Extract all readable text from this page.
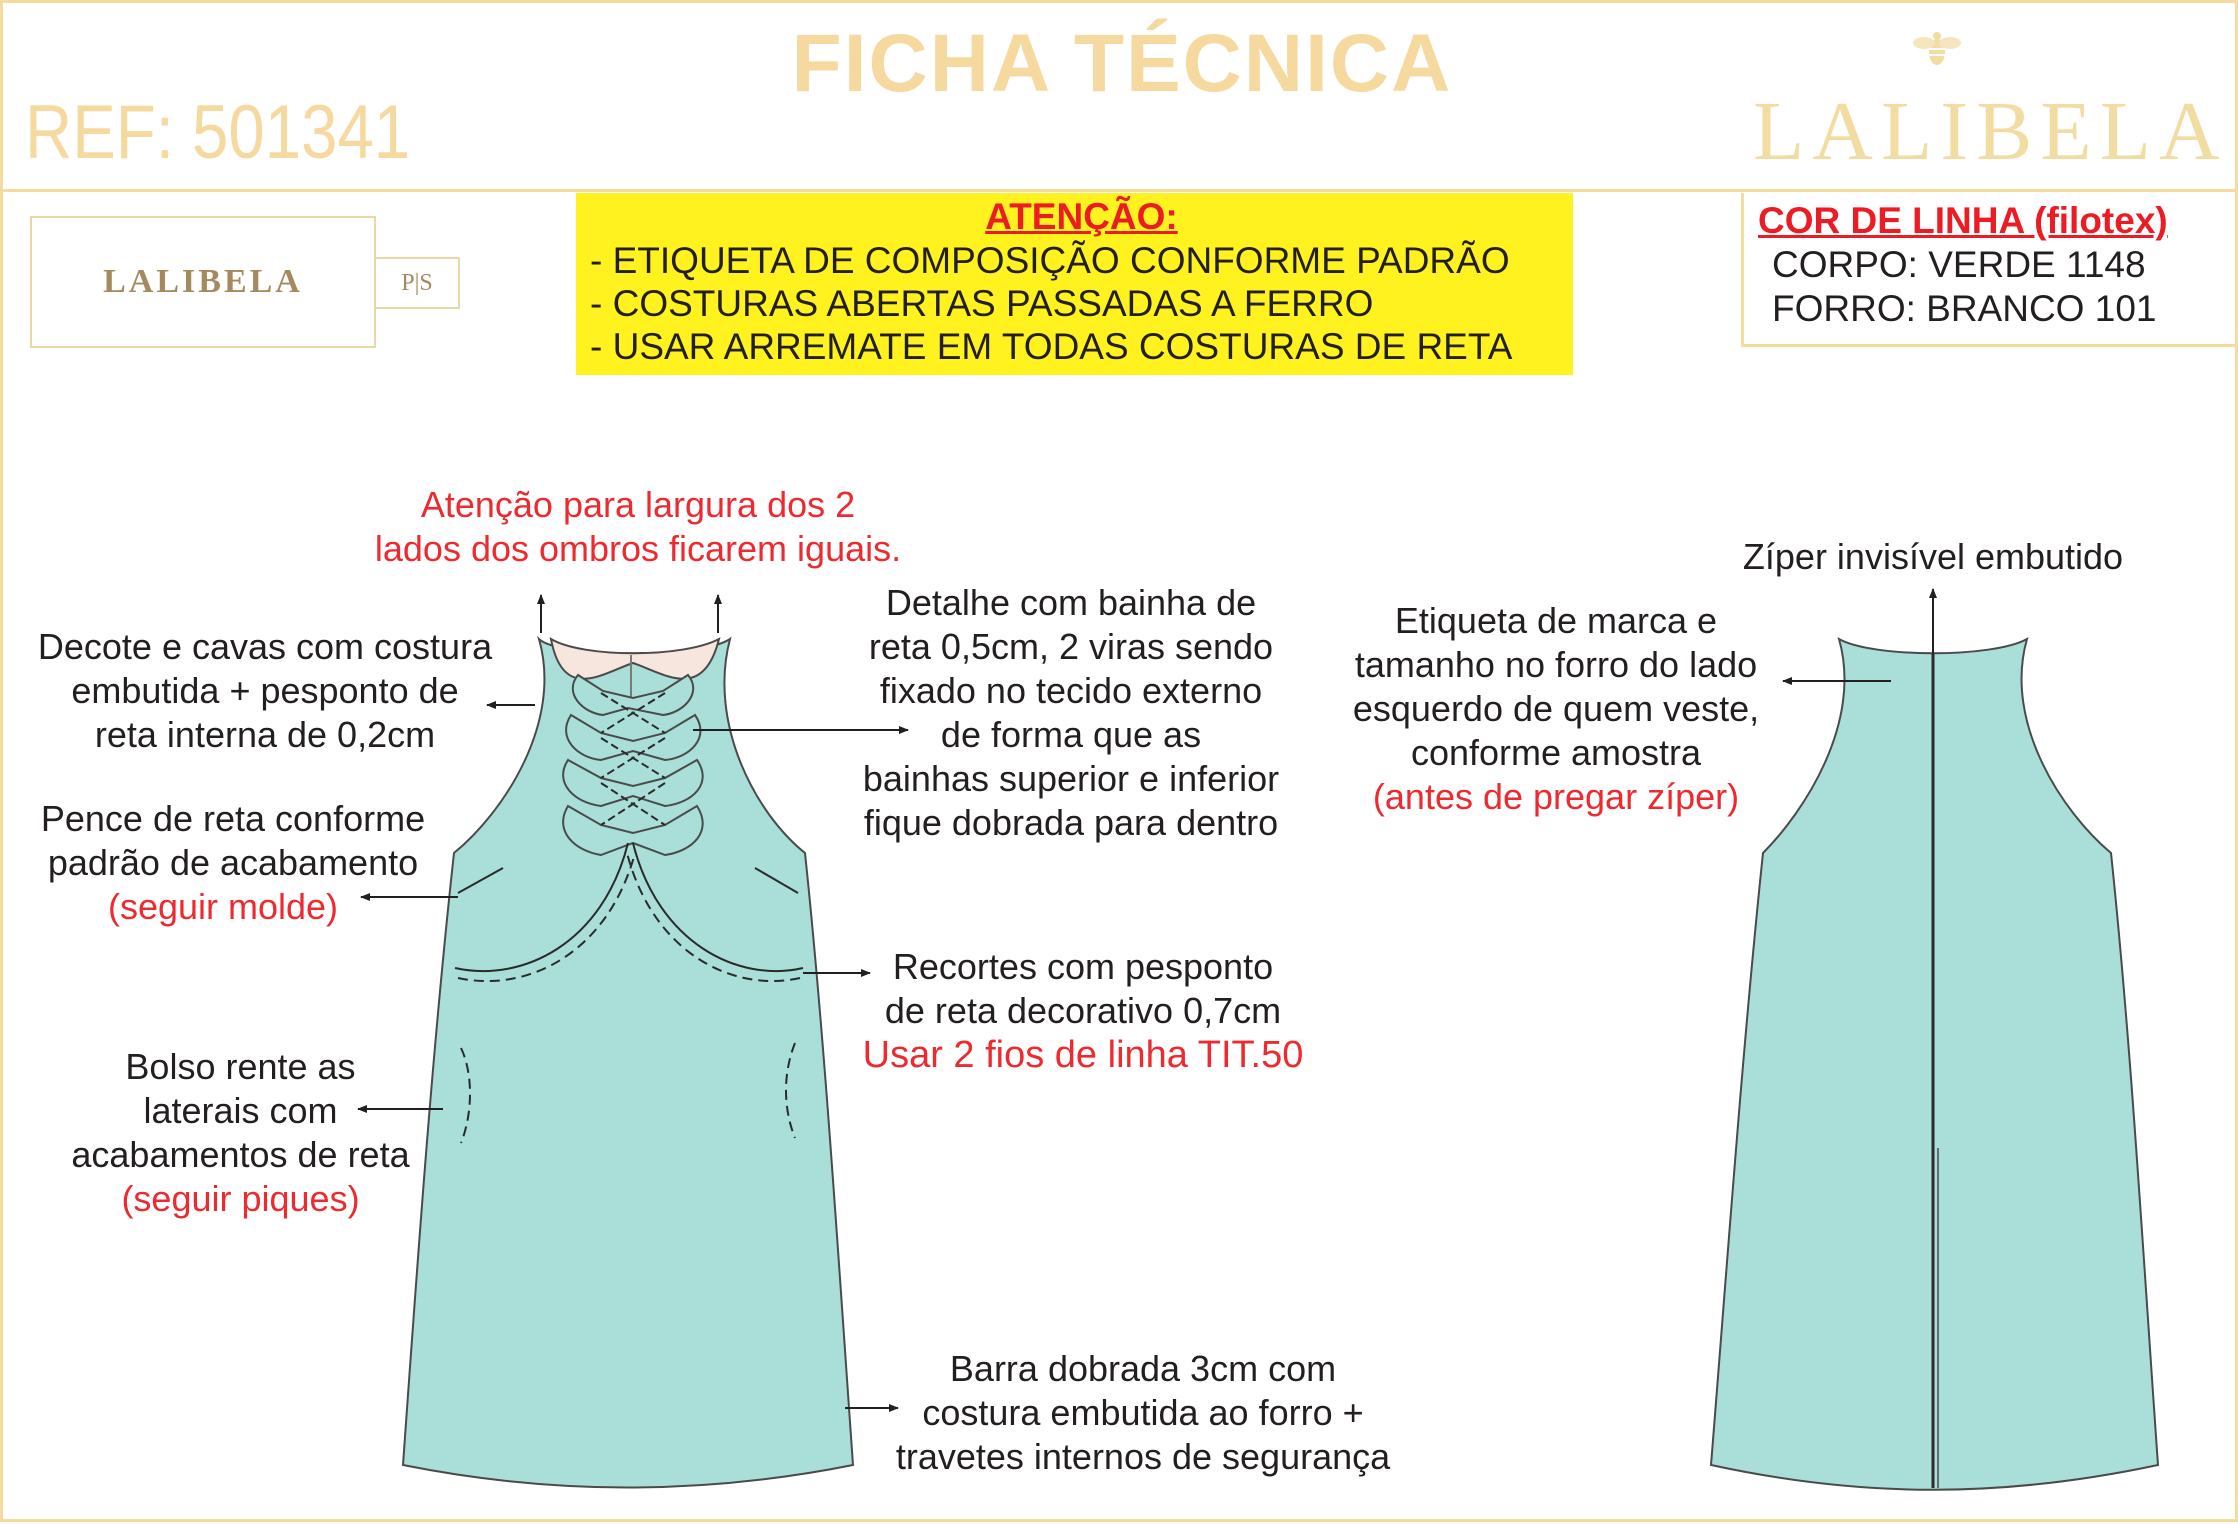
FICHA TÉCNICA
REF: 501341	LALIBELA
LALIBELA	P|S
ATENÇÃO:
- ETIQUETA DE COMPOSIÇÃO CONFORME PADRÃO
- COSTURAS ABERTAS PASSADAS A FERRO
- USAR ARREMATE EM TODAS COSTURAS DE RETA
COR DE LINHA (filotex)
CORPO: VERDE 1148
FORRO: BRANCO 101
Atenção para largura dos 2
lados dos ombros ficarem iguais.
Decote e cavas com costura
embutida + pesponto de
reta interna de 0,2cm
Pence de reta conforme
padrão de acabamento
(seguir molde)
Bolso rente as
laterais com
acabamentos de reta
(seguir piques)
Detalhe com bainha de
reta 0,5cm, 2 viras sendo
fixado no tecido externo
de forma que as
bainhas superior e inferior
fique dobrada para dentro
Recortes com pesponto
de reta decorativo 0,7cm
Usar 2 fios de linha TIT.50
Barra dobrada 3cm com
costura embutida ao forro +
travetes internos de segurança
Zíper invisível embutido
Etiqueta de marca e
tamanho no forro do lado
esquerdo de quem veste,
conforme amostra
(antes de pregar zíper)
